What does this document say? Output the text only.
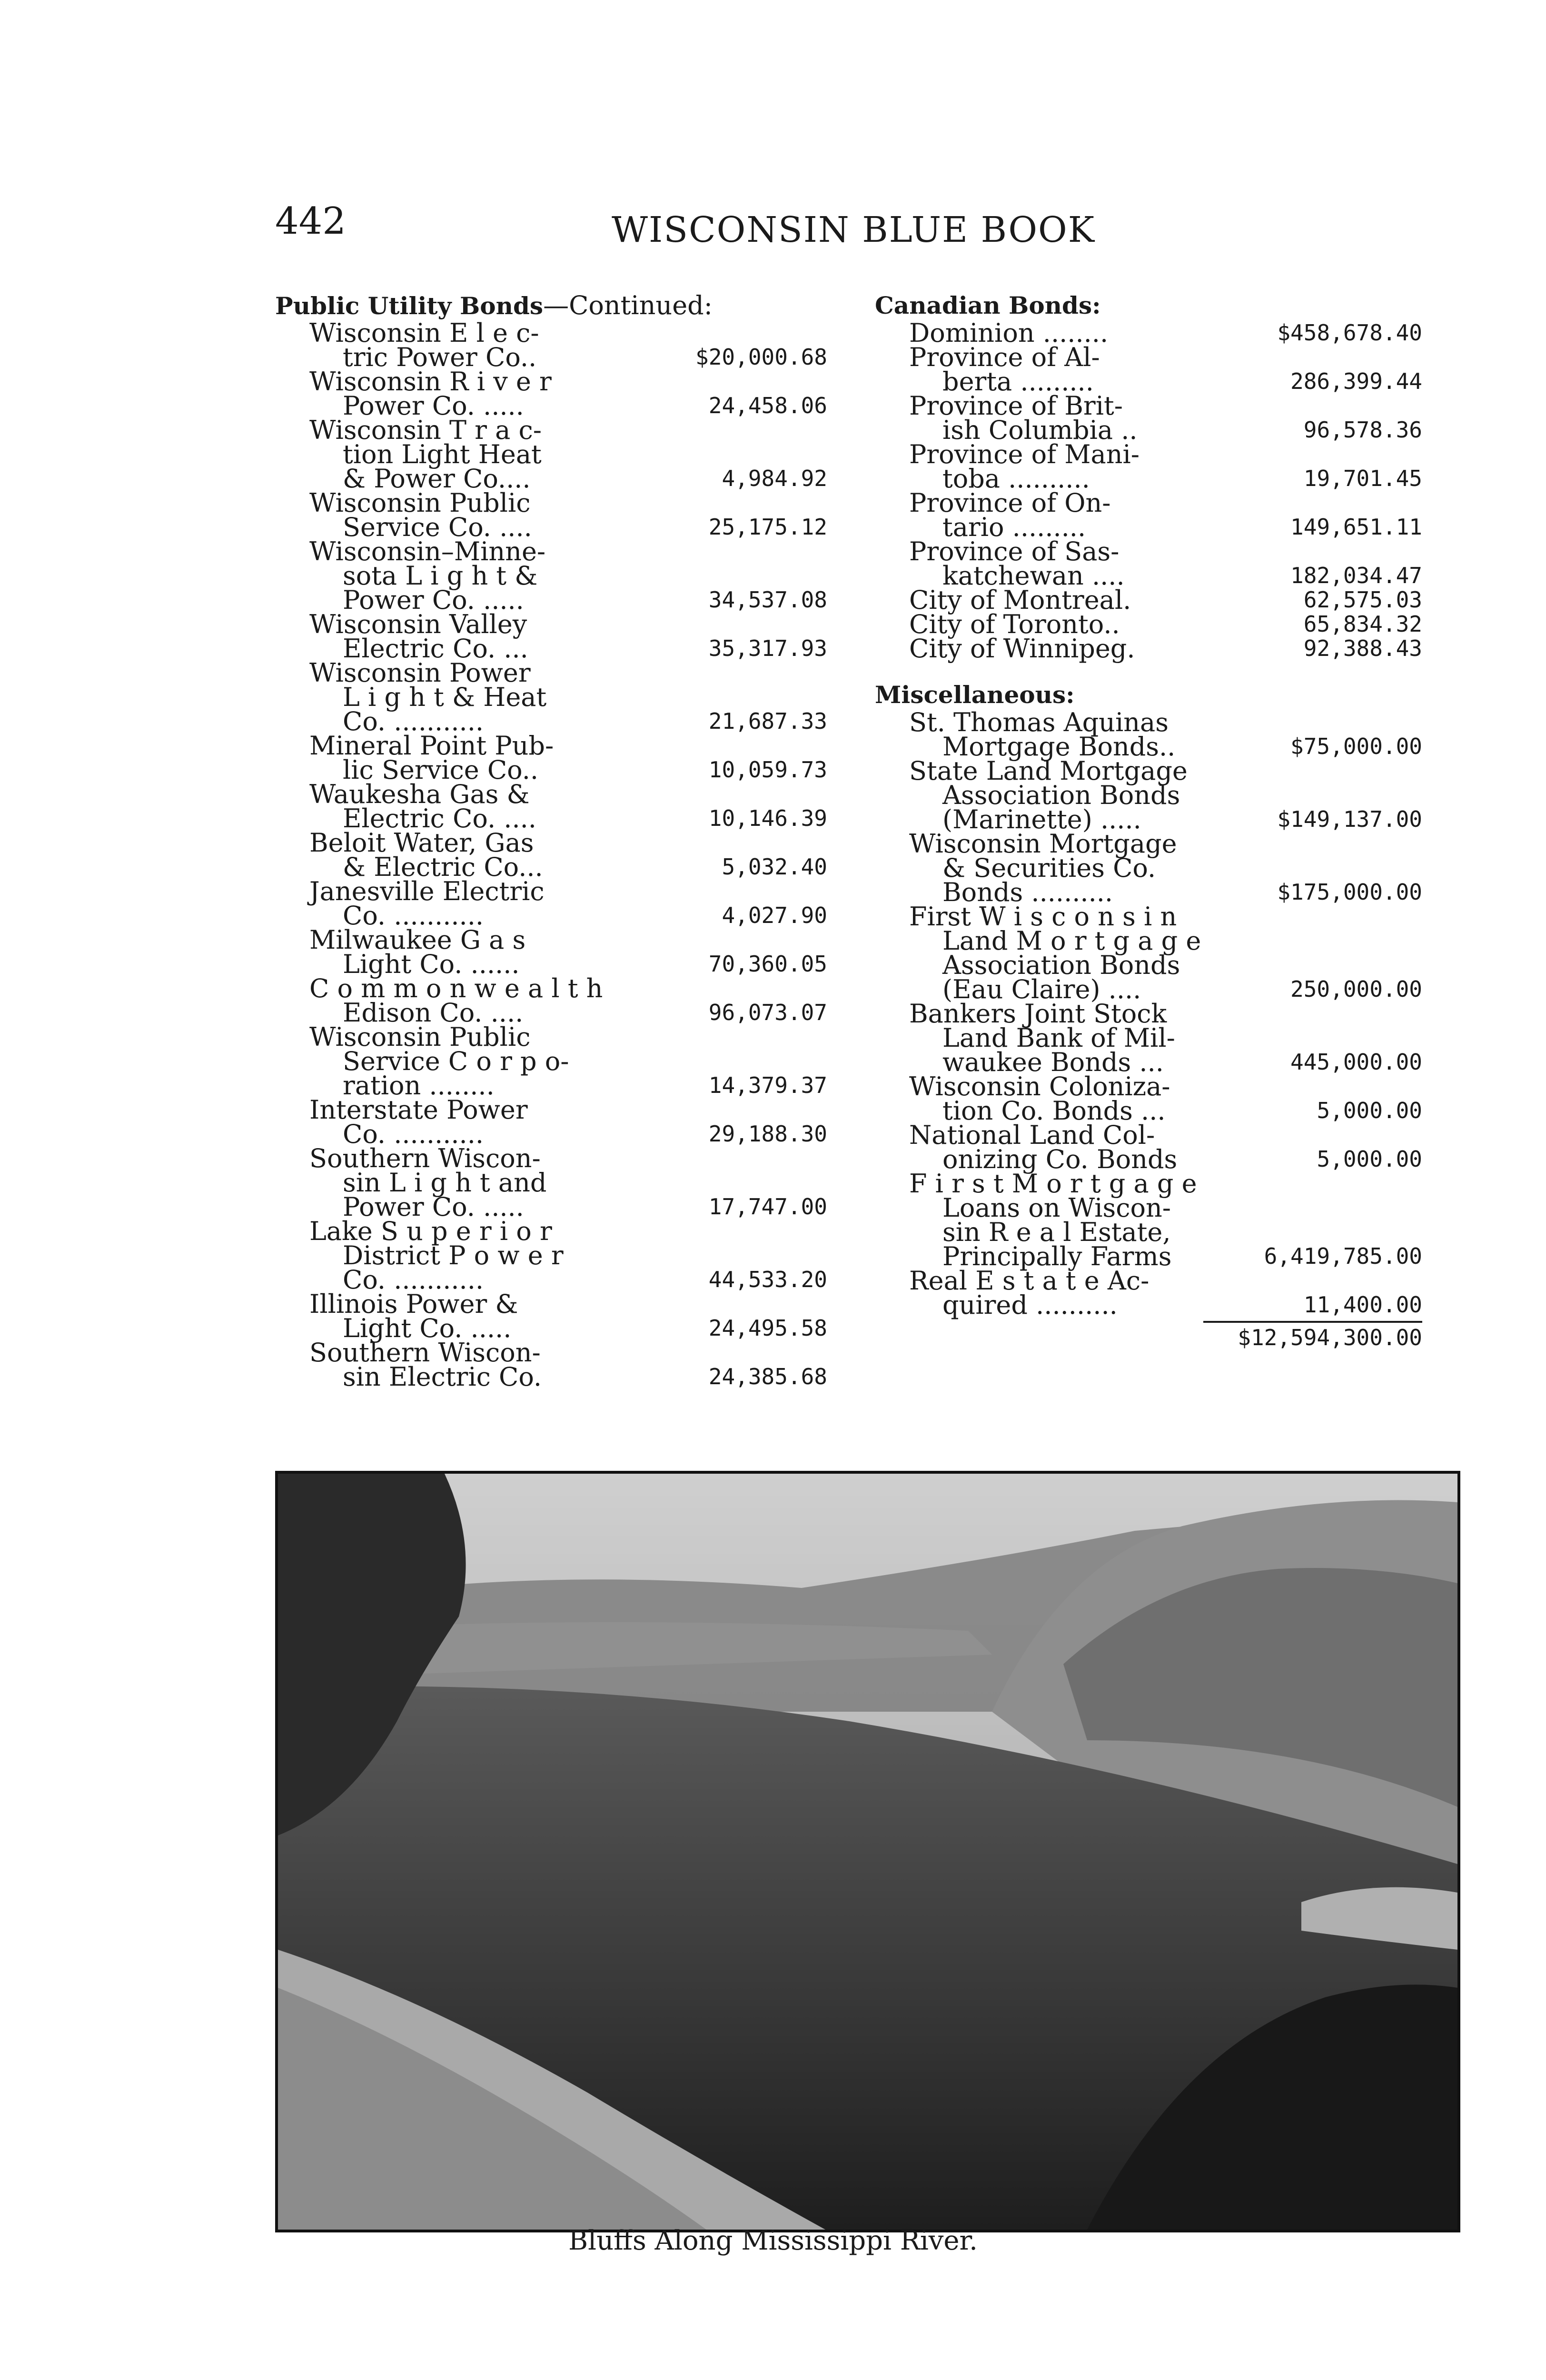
442	WISCONSIN BLUE BOOK
Public Utility Bonds—Continued:
Wisconsin E l e c-
tric Power Co..	$20,000.68
Wisconsin R i v e r
Power Co. .....	24,458.06
Wisconsin T r a c-
tion Light Heat
& Power Co....	4,984.92
Wisconsin Public
Service Co. ....	25,175.12
Wisconsin–Minne-
sota L i g h t &
Power Co. .....	34,537.08
Wisconsin Valley
Electric Co. ...	35,317.93
Wisconsin Power
L i g h t & Heat
Co. ...........	21,687.33
Mineral Point Pub-
lic Service Co..	10,059.73
Waukesha Gas &
Electric Co. ....	10,146.39
Beloit Water, Gas
& Electric Co...	5,032.40
Janesville Electric
Co. ...........	4,027.90
Milwaukee G a s
Light Co. ......	70,360.05
C o m m o n w e a l t h
Edison Co. ....	96,073.07
Wisconsin Public
Service C o r p o-
ration ........	14,379.37
Interstate Power
Co. ...........	29,188.30
Southern Wiscon-
sin L i g h t and
Power Co. .....	17,747.00
Lake S u p e r i o r
District P o w e r
Co. ...........	44,533.20
Illinois Power &
Light Co. .....	24,495.58
Southern Wiscon-
sin Electric Co.	24,385.68
Canadian Bonds:
Dominion ........	$458,678.40
Province of Al-
berta .........	286,399.44
Province of Brit-
ish Columbia ..	96,578.36
Province of Mani-
toba ..........	19,701.45
Province of On-
tario .........	149,651.11
Province of Sas-
katchewan ....	182,034.47
City of Montreal.	62,575.03
City of Toronto..	65,834.32
City of Winnipeg.	92,388.43
Miscellaneous:
St. Thomas Aquinas
Mortgage Bonds..	$75,000.00
State Land Mortgage
Association Bonds
(Marinette) .....	$149,137.00
Wisconsin Mortgage
& Securities Co.
Bonds ..........	$175,000.00
First W i s c o n s i n
Land M o r t g a g e
Association Bonds
(Eau Claire) ....	250,000.00
Bankers Joint Stock
Land Bank of Mil-
waukee Bonds ...	445,000.00
Wisconsin Coloniza-
tion Co. Bonds ...	5,000.00
National Land Col-
onizing Co. Bonds	5,000.00
F i r s t M o r t g a g e
Loans on Wiscon-
sin R e a l Estate,
Principally Farms	6,419,785.00
Real E s t a t e Ac-
quired ..........	11,400.00
$12,594,300.00
Bluffs Along Mississippi River.
